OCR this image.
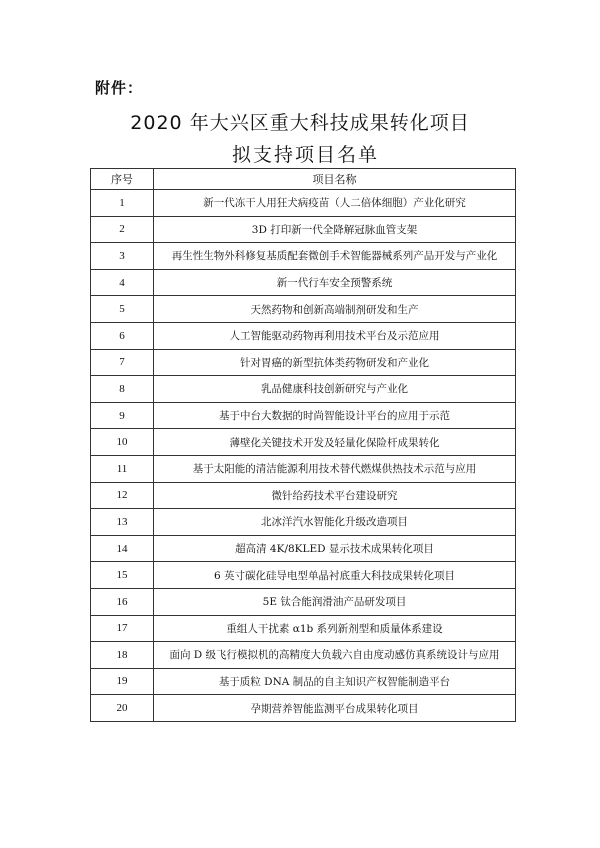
附件：
2020 年大兴区重大科技成果转化项目
拟支持项目名单
序号	项目名称
1	新一代冻干人用狂犬病疫苗（人二倍体细胞）产业化研究
2	3D 打印新一代全降解冠脉血管支架
3	再生性生物外科修复基质配套微创手术智能器械系列产品开发与产业化
4	新一代行车安全预警系统
5	天然药物和创新高端制剂研发和生产
6	人工智能驱动药物再利用技术平台及示范应用
7	针对胃癌的新型抗体类药物研发和产业化
8	乳品健康科技创新研究与产业化
9	基于中台大数据的时尚智能设计平台的应用于示范
10	薄壁化关键技术开发及轻量化保险杆成果转化
11	基于太阳能的清洁能源利用技术替代燃煤供热技术示范与应用
12	微针给药技术平台建设研究
13	北冰洋汽水智能化升级改造项目
14	超高清 4K/8KLED 显示技术成果转化项目
15	6 英寸碳化硅导电型单晶衬底重大科技成果转化项目
16	5E 钛合能润滑油产品研发项目
17	重组人干扰素 α1b 系列新剂型和质量体系建设
18	面向 D 级飞行模拟机的高精度大负载六自由度动感仿真系统设计与应用
19	基于质粒 DNA 制品的自主知识产权智能制造平台
20	孕期营养智能监测平台成果转化项目
